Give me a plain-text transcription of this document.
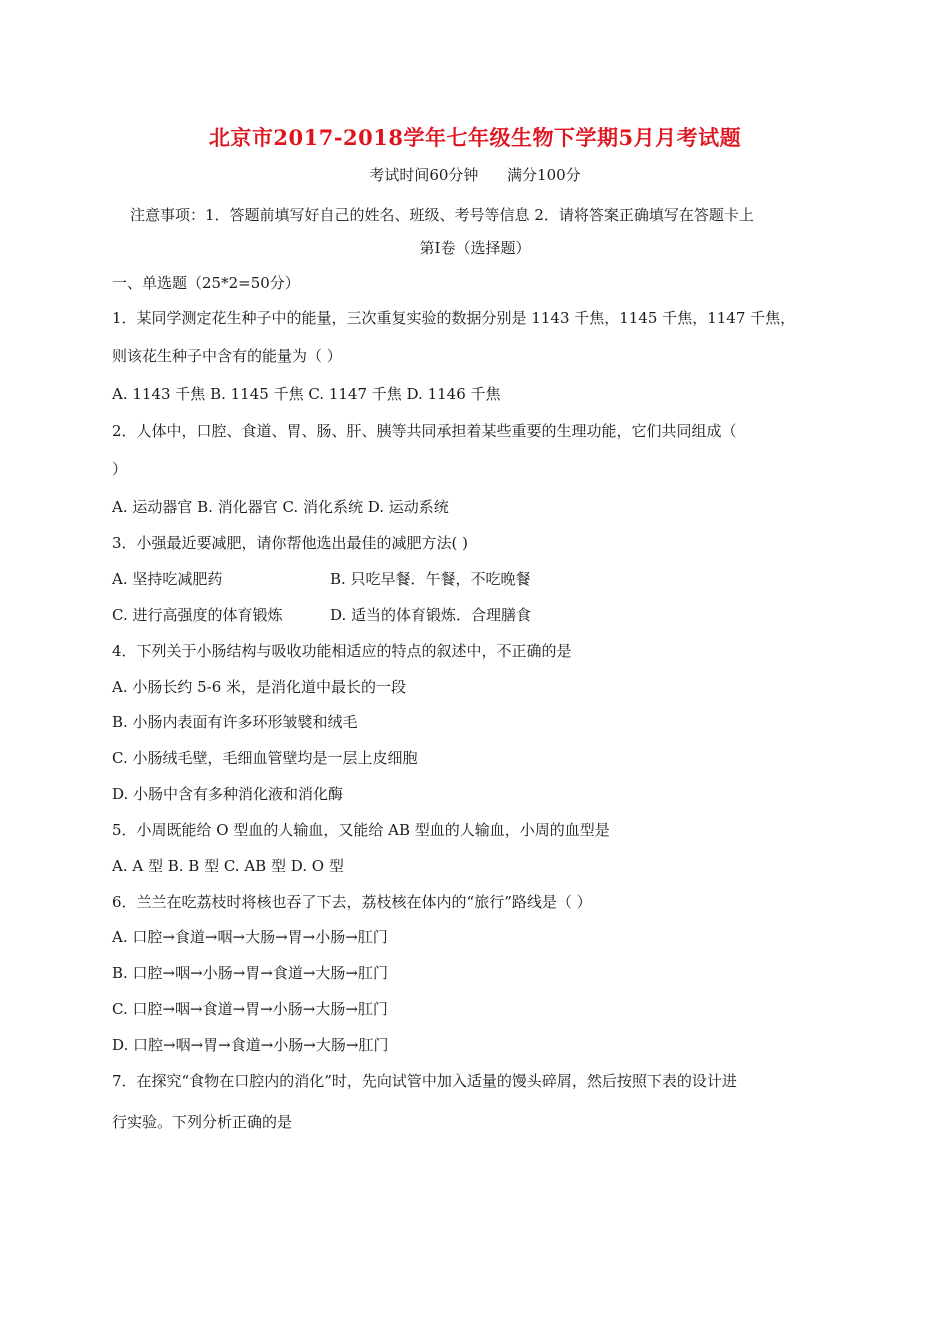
北京市2017-2018学年七年级生物下学期5月月考试题
考试时间60分钟      满分100分
注意事项：1．答题前填写好自己的姓名、班级、考号等信息 2．请将答案正确填写在答题卡上
第Ⅰ卷（选择题）
一、单选题（25*2=50分）
1．某同学测定花生种子中的能量，三次重复实验的数据分别是 1143 千焦，1145 千焦，1147 千焦，
则该花生种子中含有的能量为（ ）
A. 1143 千焦 B. 1145 千焦 C. 1147 千焦 D. 1146 千焦
2．人体中，口腔、食道、胃、肠、肝、胰等共同承担着某些重要的生理功能，它们共同组成（
）
A. 运动器官 B. 消化器官 C. 消化系统 D. 运动系统
3．小强最近要减肥，请你帮他选出最佳的减肥方法( )
A. 坚持吃减肥药	B. 只吃早餐．午餐，不吃晚餐
C. 进行高强度的体育锻炼	D. 适当的体育锻炼．合理膳食
4．下列关于小肠结构与吸收功能相适应的特点的叙述中，不正确的是
A. 小肠长约 5-6 米，是消化道中最长的一段
B. 小肠内表面有许多环形皱襞和绒毛
C. 小肠绒毛壁，毛细血管壁均是一层上皮细胞
D. 小肠中含有多种消化液和消化酶
5．小周既能给 O 型血的人输血，又能给 AB 型血的人输血，小周的血型是
A. A 型 B. B 型 C. AB 型 D. O 型
6．兰兰在吃荔枝时将核也吞了下去，荔枝核在体内的“旅行”路线是（ ）
A. 口腔→食道→咽→大肠→胃→小肠→肛门
B. 口腔→咽→小肠→胃→食道→大肠→肛门
C. 口腔→咽→食道→胃→小肠→大肠→肛门
D. 口腔→咽→胃→食道→小肠→大肠→肛门
7．在探究“食物在口腔内的消化”时，先向试管中加入适量的馒头碎屑，然后按照下表的设计进
行实验。下列分析正确的是
